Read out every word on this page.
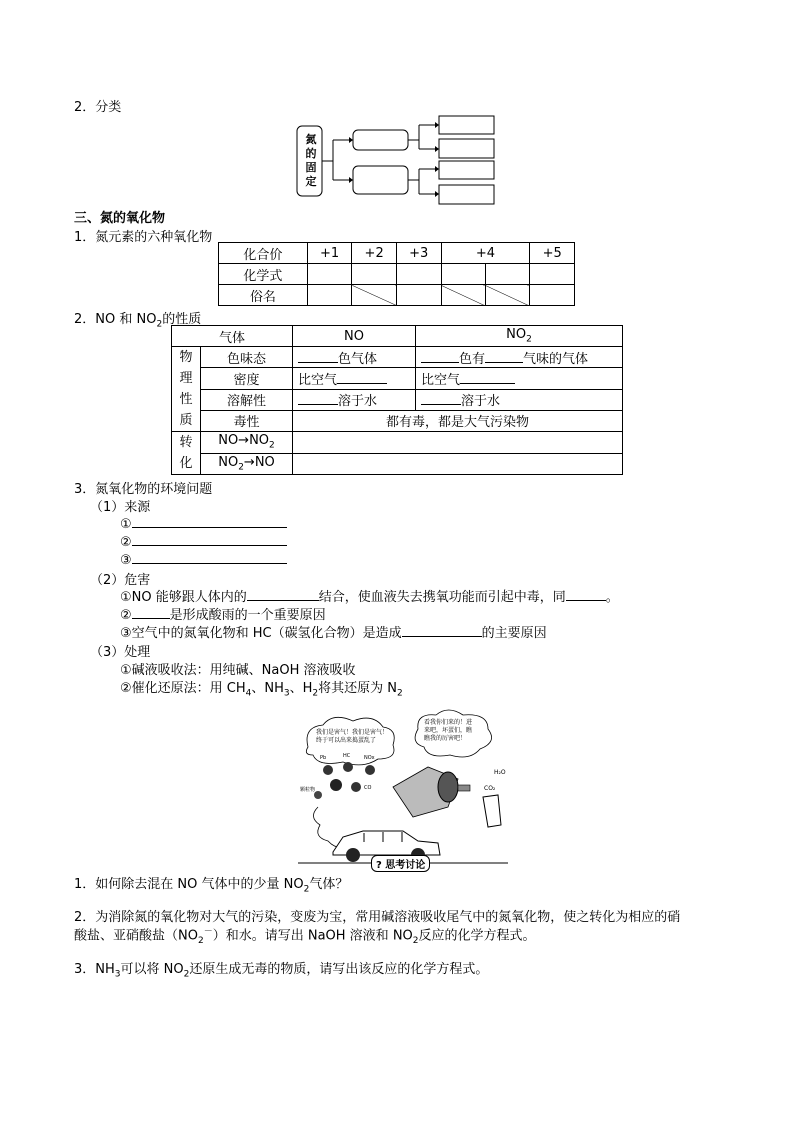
2．分类
氮的固定
三、氮的氧化物
1．氮元素的六种氧化物
化合价	+1	+2	+3	+4		+5
化学式						
俗名						
2．NO 和 $NO_2$的性质
气体		NO	$NO_2$
物
理
性
质	色味态	色气体	色有 气味的气体
	密度	比空气	比空气
	溶解性	溶于水	溶于水
	毒性	都有毒，都是大气污染物	
转
化	$NO\to NO_2$	
	$NO_2\to NO$		
3．氮氧化物的环境问题
（1）来源
①
②
③
（2）危害
①NO 能够跟人体内的	结合，使血液失去携氧功能而引起中毒，同	。
②	是形成酸雨的一个重要原因
③空气中的氮氧化物和 HC（碳氢化合物）是造成	的主要原因
（3）处理
①碱液吸收法：用纯碱、NaOH 溶液吸收
②催化还原法：用 $CH_4$、$NH_3$、$H_2$将其还原为 $N_2$
我们是害气！我们是害气！
终于可以出来捣蛋乱了
看我你们来的！进
来吧，坏蛋们，瞧
瞧我的厉害吧！
Pb	HC	NOx
颗粒物	CO
H₂O
CO₂
? 思考讨论
1．如何除去混在 NO 气体中的少量 $NO_2$气体？
2．为消除氮的氧化物对大气的污染，变废为宝，常用碱溶液吸收尾气中的氮氧化物，使之转化为相应的硝
酸盐、亚硝酸盐$(NO_2^-)$和水。请写出 NaOH 溶液和 $NO_2$反应的化学方程式。
3．$NH_3$可以将 $NO_2$还原生成无毒的物质，请写出该反应的化学方程式。
